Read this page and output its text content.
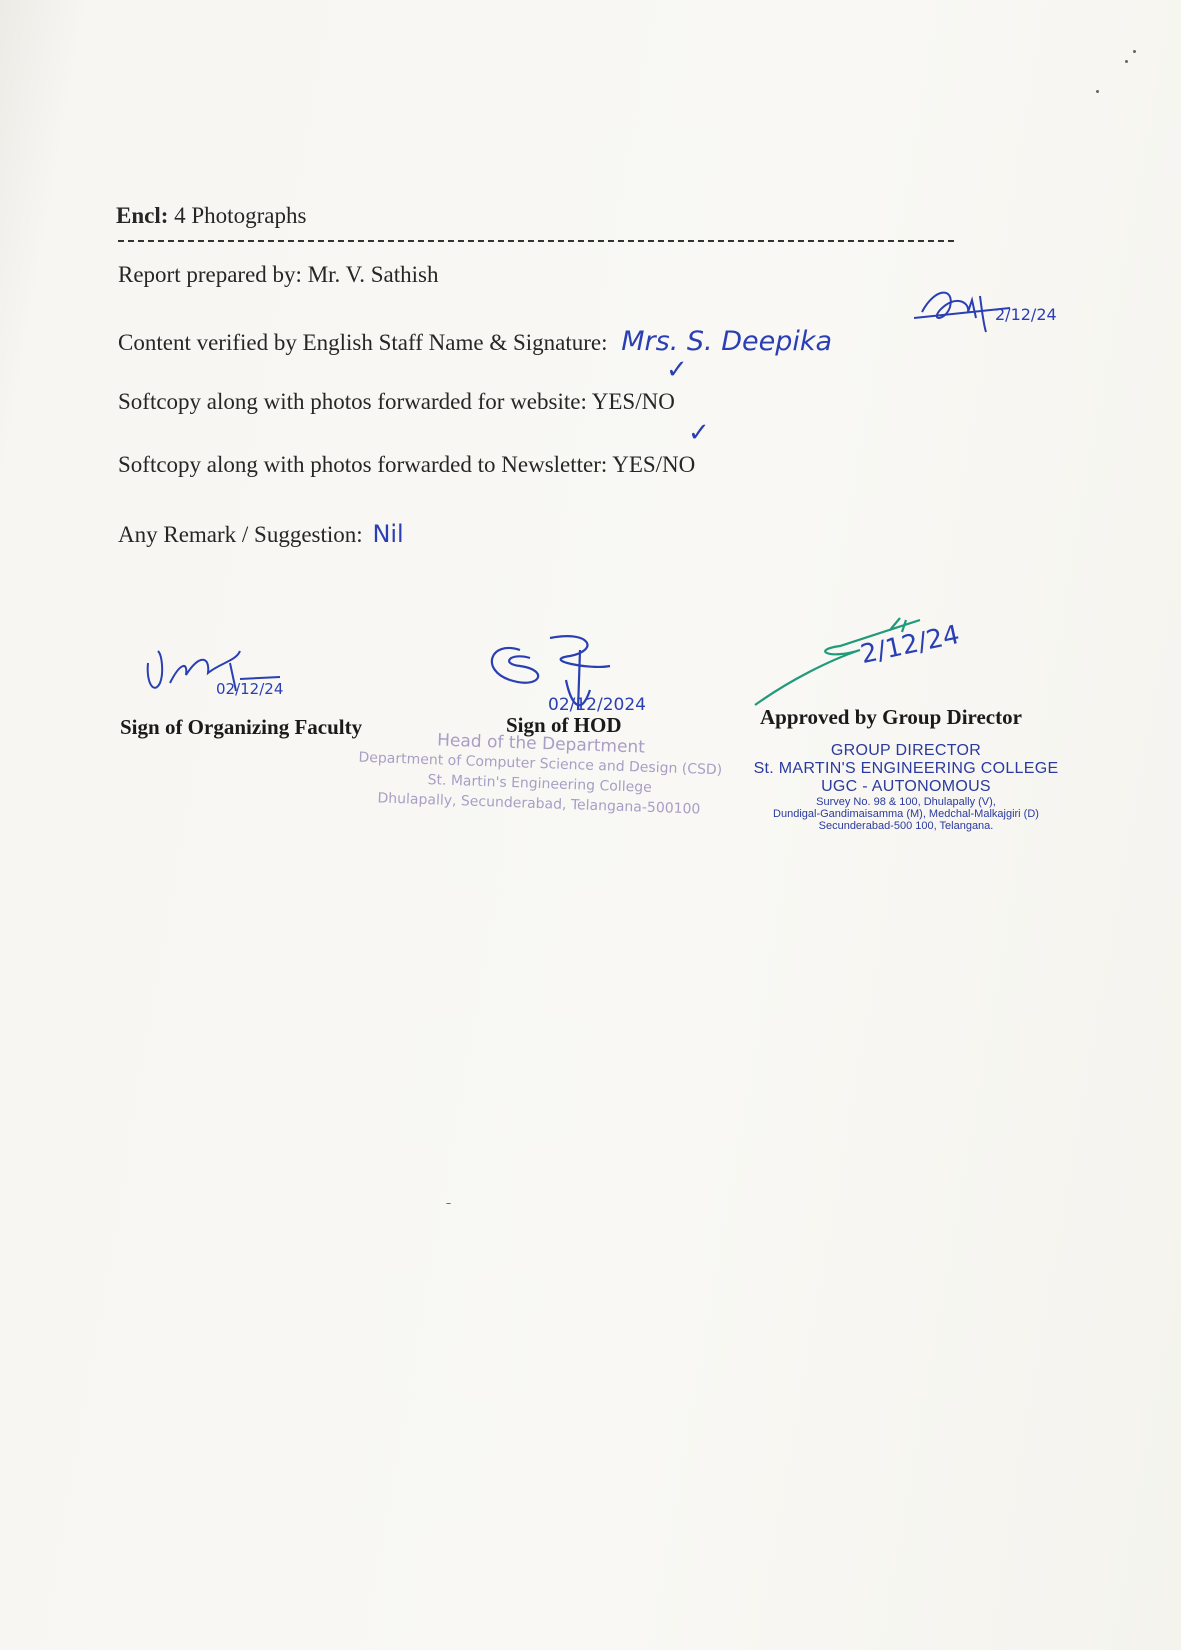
Encl: 4 Photographs
Report prepared by: Mr. V. Sathish
Content verified by English Staff Name & Signature: Mrs. S. Deepika
2/12/24
✓
Softcopy along with photos forwarded for website: YES/NO
✓
Softcopy along with photos forwarded to Newsletter: YES/NO
Any Remark / Suggestion: Nil
02/12/24
Sign of Organizing Faculty
02/12/2024
Sign of HOD
Head of the Department
Department of Computer Science and Design (CSD)
St. Martin's Engineering College
Dhulapally, Secunderabad, Telangana-500100
2/12/24
Approved by Group Director
GROUP DIRECTOR
St. MARTIN'S ENGINEERING COLLEGE
UGC - AUTONOMOUS
Survey No. 98 & 100, Dhulapally (V),
Dundigal-Gandimaisamma (M), Medchal-Malkajgiri (D)
Secunderabad-500 100, Telangana.
